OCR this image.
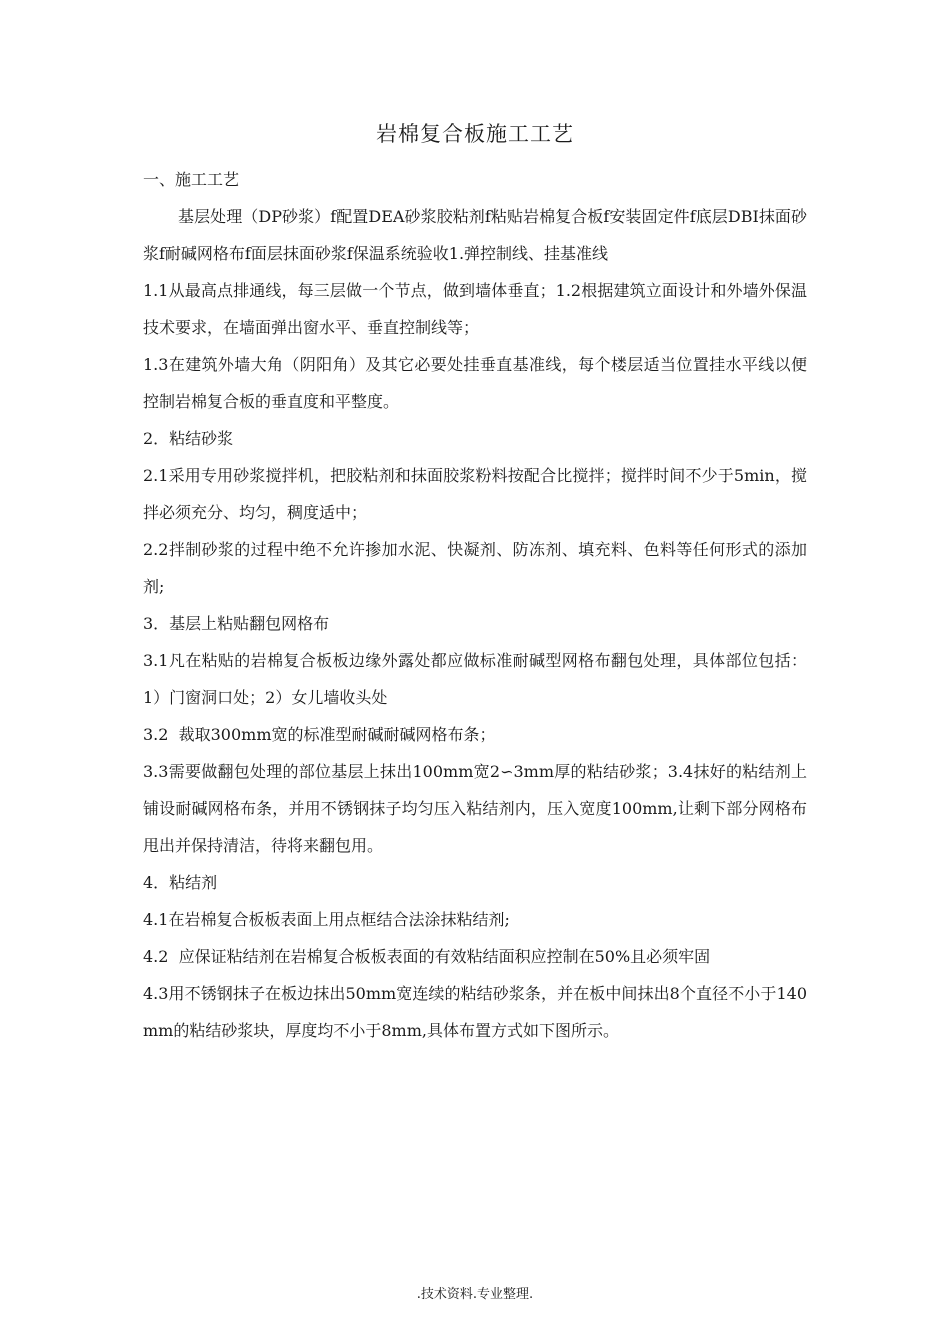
岩棉复合板施工工艺

一、施工工艺

基层处理（DP砂浆）f配置DEA砂浆胶粘剂f粘贴岩棉复合板f安装固定件f底层DBI抹面砂浆f耐碱网格布f面层抹面砂浆f保温系统验收1.弹控制线、挂基准线

1.1从最高点排通线，每三层做一个节点，做到墙体垂直；1.2根据建筑立面设计和外墙外保温技术要求，在墙面弹出窗水平、垂直控制线等；

1.3在建筑外墙大角（阴阳角）及其它必要处挂垂直基准线，每个楼层适当位置挂水平线以便控制岩棉复合板的垂直度和平整度。

2．粘结砂浆

2.1采用专用砂浆搅拌机，把胶粘剂和抹面胶浆粉料按配合比搅拌；搅拌时间不少于5min，搅拌必须充分、均匀，稠度适中；

2.2拌制砂浆的过程中绝不允许掺加水泥、快凝剂、防冻剂、填充料、色料等任何形式的添加剂;

3．基层上粘贴翻包网格布

3.1凡在粘贴的岩棉复合板板边缘外露处都应做标准耐碱型网格布翻包处理，具体部位包括：1）门窗洞口处；2）女儿墙收头处

3.2  裁取300mm宽的标准型耐碱耐碱网格布条；

3.3需要做翻包处理的部位基层上抹出100mm宽2∽3mm厚的粘结砂浆；3.4抹好的粘结剂上铺设耐碱网格布条，并用不锈钢抹子均匀压入粘结剂内，压入宽度100mm,让剩下部分网格布甩出并保持清洁，待将来翻包用。

4．粘结剂

4.1在岩棉复合板板表面上用点框结合法涂抹粘结剂;

4.2  应保证粘结剂在岩棉复合板板表面的有效粘结面积应控制在50%且必须牢固

4.3用不锈钢抹子在板边抹出50mm宽连续的粘结砂浆条，并在板中间抹出8个直径不小于140mm的粘结砂浆块，厚度均不小于8mm,具体布置方式如下图所示。

.技术资料.专业整理.
